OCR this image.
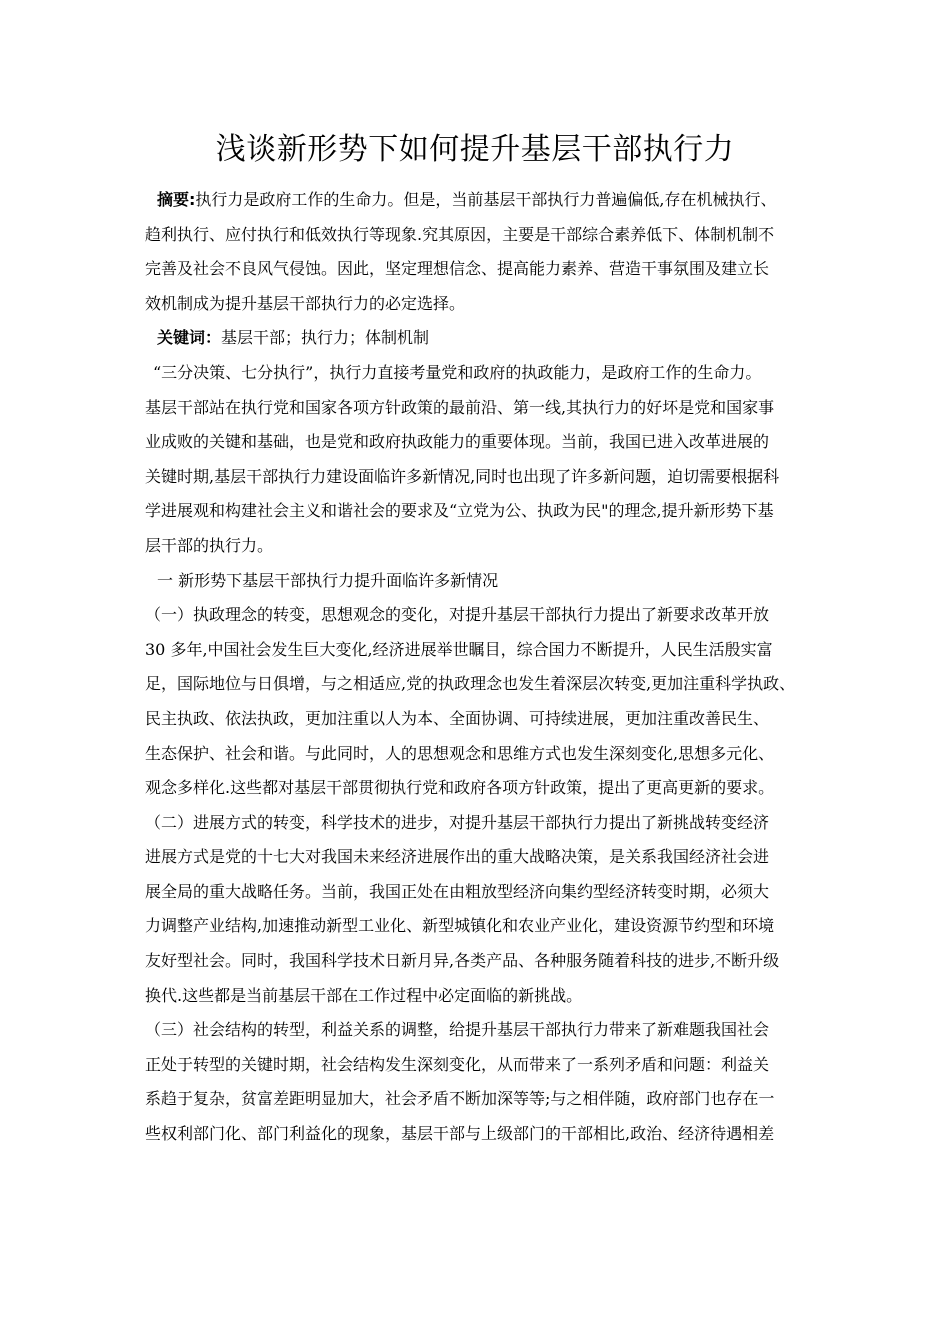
浅谈新形势下如何提升基层干部执行力
摘要:执行力是政府工作的生命力。但是，当前基层干部执行力普遍偏低,存在机械执行、
趋利执行、应付执行和低效执行等现象.究其原因，主要是干部综合素养低下、体制机制不
完善及社会不良风气侵蚀。因此，坚定理想信念、提高能力素养、营造干事氛围及建立长
效机制成为提升基层干部执行力的必定选择。
关键词：基层干部；执行力；体制机制
“三分决策、七分执行”，执行力直接考量党和政府的执政能力，是政府工作的生命力。
基层干部站在执行党和国家各项方针政策的最前沿、第一线,其执行力的好坏是党和国家事
业成败的关键和基础，也是党和政府执政能力的重要体现。当前，我国已进入改革进展的
关键时期,基层干部执行力建设面临许多新情况,同时也出现了许多新问题，迫切需要根据科
学进展观和构建社会主义和谐社会的要求及“立党为公、执政为民"的理念,提升新形势下基
层干部的执行力。
一 新形势下基层干部执行力提升面临许多新情况
（一）执政理念的转变，思想观念的变化，对提升基层干部执行力提出了新要求改革开放
30 多年,中国社会发生巨大变化,经济进展举世瞩目，综合国力不断提升，人民生活殷实富
足，国际地位与日俱增，与之相适应,党的执政理念也发生着深层次转变,更加注重科学执政、
民主执政、依法执政，更加注重以人为本、全面协调、可持续进展，更加注重改善民生、
生态保护、社会和谐。与此同时，人的思想观念和思维方式也发生深刻变化,思想多元化、
观念多样化.这些都对基层干部贯彻执行党和政府各项方针政策，提出了更高更新的要求。
（二）进展方式的转变，科学技术的进步，对提升基层干部执行力提出了新挑战转变经济
进展方式是党的十七大对我国未来经济进展作出的重大战略决策，是关系我国经济社会进
展全局的重大战略任务。当前，我国正处在由粗放型经济向集约型经济转变时期，必须大
力调整产业结构,加速推动新型工业化、新型城镇化和农业产业化，建设资源节约型和环境
友好型社会。同时，我国科学技术日新月异,各类产品、各种服务随着科技的进步,不断升级
换代.这些都是当前基层干部在工作过程中必定面临的新挑战。
（三）社会结构的转型，利益关系的调整，给提升基层干部执行力带来了新难题我国社会
正处于转型的关键时期，社会结构发生深刻变化，从而带来了一系列矛盾和问题：利益关
系趋于复杂，贫富差距明显加大，社会矛盾不断加深等等;与之相伴随，政府部门也存在一
些权利部门化、部门利益化的现象，基层干部与上级部门的干部相比,政治、经济待遇相差
